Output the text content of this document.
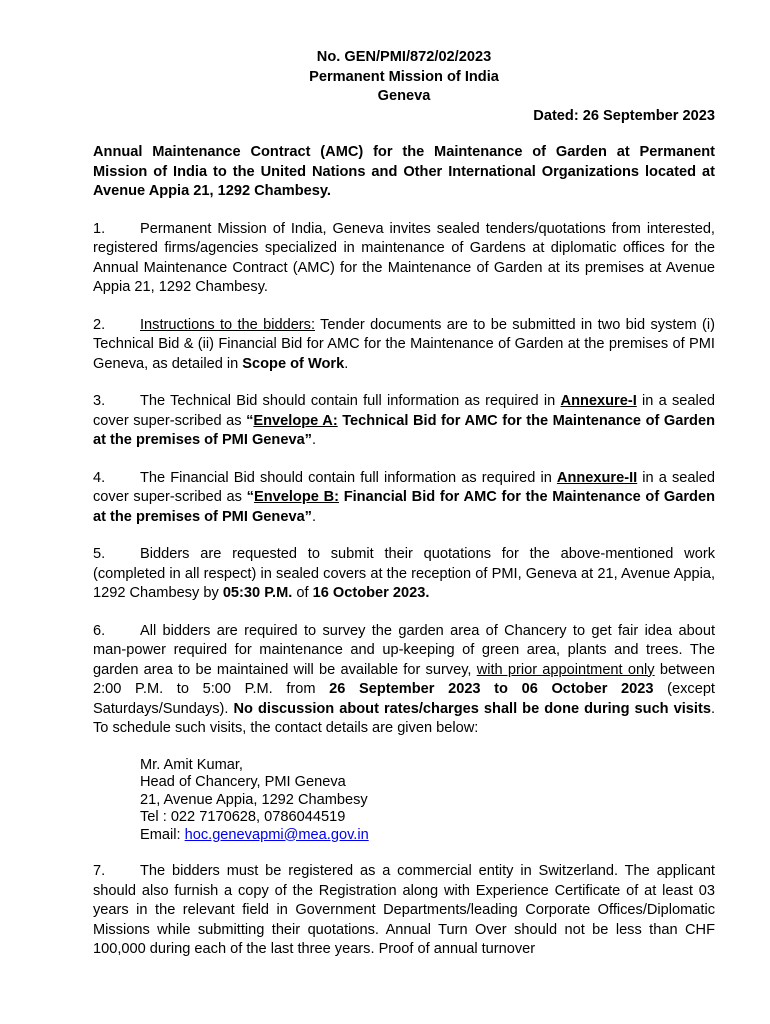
No. GEN/PMI/872/02/2023
Permanent Mission of India
Geneva
Dated: 26 September 2023
Annual Maintenance Contract (AMC) for the Maintenance of Garden at Permanent Mission of India to the United Nations and Other International Organizations located at Avenue Appia 21, 1292 Chambesy.
1. Permanent Mission of India, Geneva invites sealed tenders/quotations from interested, registered firms/agencies specialized in maintenance of Gardens at diplomatic offices for the Annual Maintenance Contract (AMC) for the Maintenance of Garden at its premises at Avenue Appia 21, 1292 Chambesy.
2. Instructions to the bidders: Tender documents are to be submitted in two bid system (i) Technical Bid & (ii) Financial Bid for AMC for the Maintenance of Garden at the premises of PMI Geneva, as detailed in Scope of Work.
3. The Technical Bid should contain full information as required in Annexure-I in a sealed cover super-scribed as “Envelope A: Technical Bid for AMC for the Maintenance of Garden at the premises of PMI Geneva”.
4. The Financial Bid should contain full information as required in Annexure-II in a sealed cover super-scribed as “Envelope B: Financial Bid for AMC for the Maintenance of Garden at the premises of PMI Geneva”.
5. Bidders are requested to submit their quotations for the above-mentioned work (completed in all respect) in sealed covers at the reception of PMI, Geneva at 21, Avenue Appia, 1292 Chambesy by 05:30 P.M. of 16 October 2023.
6. All bidders are required to survey the garden area of Chancery to get fair idea about man-power required for maintenance and up-keeping of green area, plants and trees. The garden area to be maintained will be available for survey, with prior appointment only between 2:00 P.M. to 5:00 P.M. from 26 September 2023 to 06 October 2023 (except Saturdays/Sundays). No discussion about rates/charges shall be done during such visits. To schedule such visits, the contact details are given below:
Mr. Amit Kumar,
Head of Chancery, PMI Geneva
21, Avenue Appia, 1292 Chambesy
Tel : 022 7170628, 0786044519
Email: hoc.genevapmi@mea.gov.in
7. The bidders must be registered as a commercial entity in Switzerland. The applicant should also furnish a copy of the Registration along with Experience Certificate of at least 03 years in the relevant field in Government Departments/leading Corporate Offices/Diplomatic Missions while submitting their quotations. Annual Turn Over should not be less than CHF 100,000 during each of the last three years. Proof of annual turnover
